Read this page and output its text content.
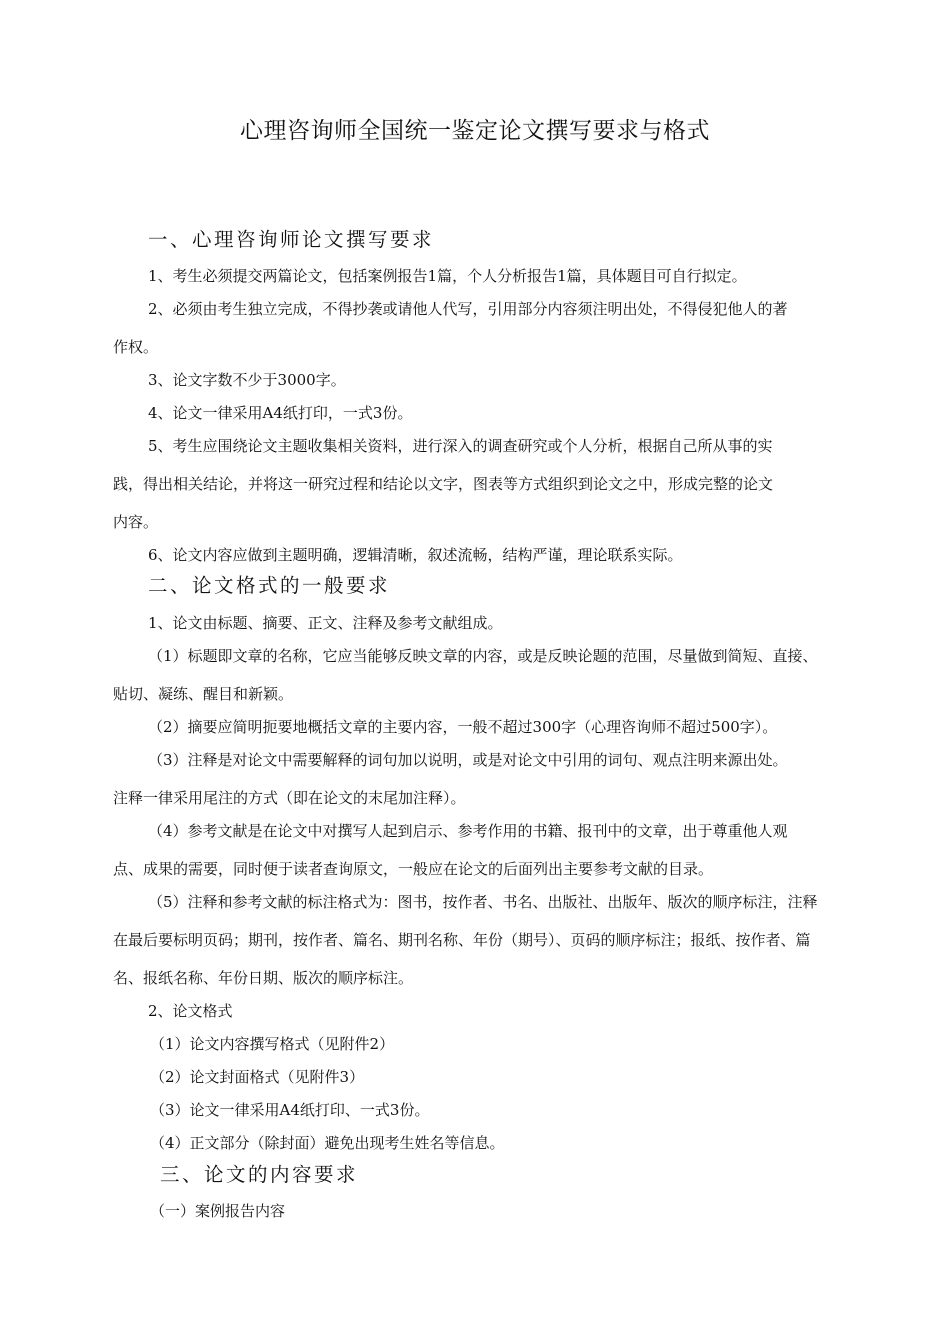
心理咨询师全国统一鉴定论文撰写要求与格式
一、心理咨询师论文撰写要求
1、考生必须提交两篇论文，包括案例报告1篇，个人分析报告1篇，具体题目可自行拟定。
2、必须由考生独立完成，不得抄袭或请他人代写，引用部分内容须注明出处，不得侵犯他人的著
作权。
3、论文字数不少于3000字。
4、论文一律采用A4纸打印，一式3份。
5、考生应围绕论文主题收集相关资料，进行深入的调查研究或个人分析，根据自己所从事的实
践，得出相关结论，并将这一研究过程和结论以文字，图表等方式组织到论文之中，形成完整的论文
内容。
6、论文内容应做到主题明确，逻辑清晰，叙述流畅，结构严谨，理论联系实际。
二、论文格式的一般要求
1、论文由标题、摘要、正文、注释及参考文献组成。
（1）标题即文章的名称，它应当能够反映文章的内容，或是反映论题的范围，尽量做到简短、直接、
贴切、凝练、醒目和新颖。
（2）摘要应简明扼要地概括文章的主要内容，一般不超过300字（心理咨询师不超过500字）。
（3）注释是对论文中需要解释的词句加以说明，或是对论文中引用的词句、观点注明来源出处。
注释一律采用尾注的方式（即在论文的末尾加注释）。
（4）参考文献是在论文中对撰写人起到启示、参考作用的书籍、报刊中的文章，出于尊重他人观
点、成果的需要，同时便于读者查询原文，一般应在论文的后面列出主要参考文献的目录。
（5）注释和参考文献的标注格式为：图书，按作者、书名、出版社、出版年、版次的顺序标注，注释
在最后要标明页码；期刊，按作者、篇名、期刊名称、年份（期号）、页码的顺序标注；报纸、按作者、篇
名、报纸名称、年份日期、版次的顺序标注。
2、论文格式
（1）论文内容撰写格式（见附件2）
（2）论文封面格式（见附件3）
（3）论文一律采用A4纸打印、一式3份。
（4）正文部分（除封面）避免出现考生姓名等信息。
三、论文的内容要求
（一）案例报告内容
